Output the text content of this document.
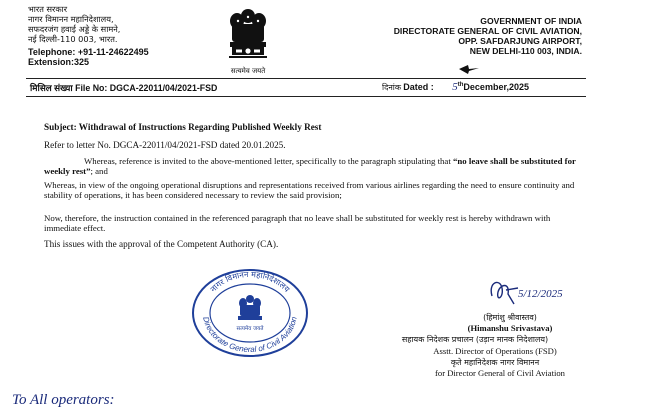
भारत सरकार
नागर विमानन महानिदेशालय,
सफदरजंग हवाई अड्डे के सामने,
नई दिल्ली-110 003, भारत.
Telephone: +91-11-24622495
Extension:325
सत्यमेव जयते
GOVERNMENT OF INDIA
DIRECTORATE GENERAL OF CIVIL AVIATION,
OPP. SAFDARJUNG AIRPORT,
NEW DELHI-110 003, INDIA.
मिसिल संख्या File No: DGCA-22011/04/2021-FSD	दिनांक Dated : 5thDecember,2025
Subject: Withdrawal of Instructions Regarding Published Weekly Rest
Refer to letter No. DGCA-22011/04/2021-FSD dated 20.01.2025.
Whereas, reference is invited to the above-mentioned letter, specifically to the paragraph stipulating that “no leave shall be substituted for weekly rest”; and
Whereas, in view of the ongoing operational disruptions and representations received from various airlines regarding the need to ensure continuity and stability of operations, it has been considered necessary to review the said provision;
Now, therefore, the instruction contained in the referenced paragraph that no leave shall be substituted for weekly rest is hereby withdrawn with immediate effect.
This issues with the approval of the Competent Authority (CA).
नागर विमानन महानिदेशालय
Directorate General of Civil Aviation
सत्यमेव जयते
5/12/2025
(हिमांशु श्रीवास्तव)
(Himanshu Srivastava)
सहायक निदेशक प्रचालन (उड़ान मानक निदेशालय)
Asstt. Director of Operations (FSD)
कृते महानिदेशक नागर विमानन
for Director General of Civil Aviation
To All operators:
